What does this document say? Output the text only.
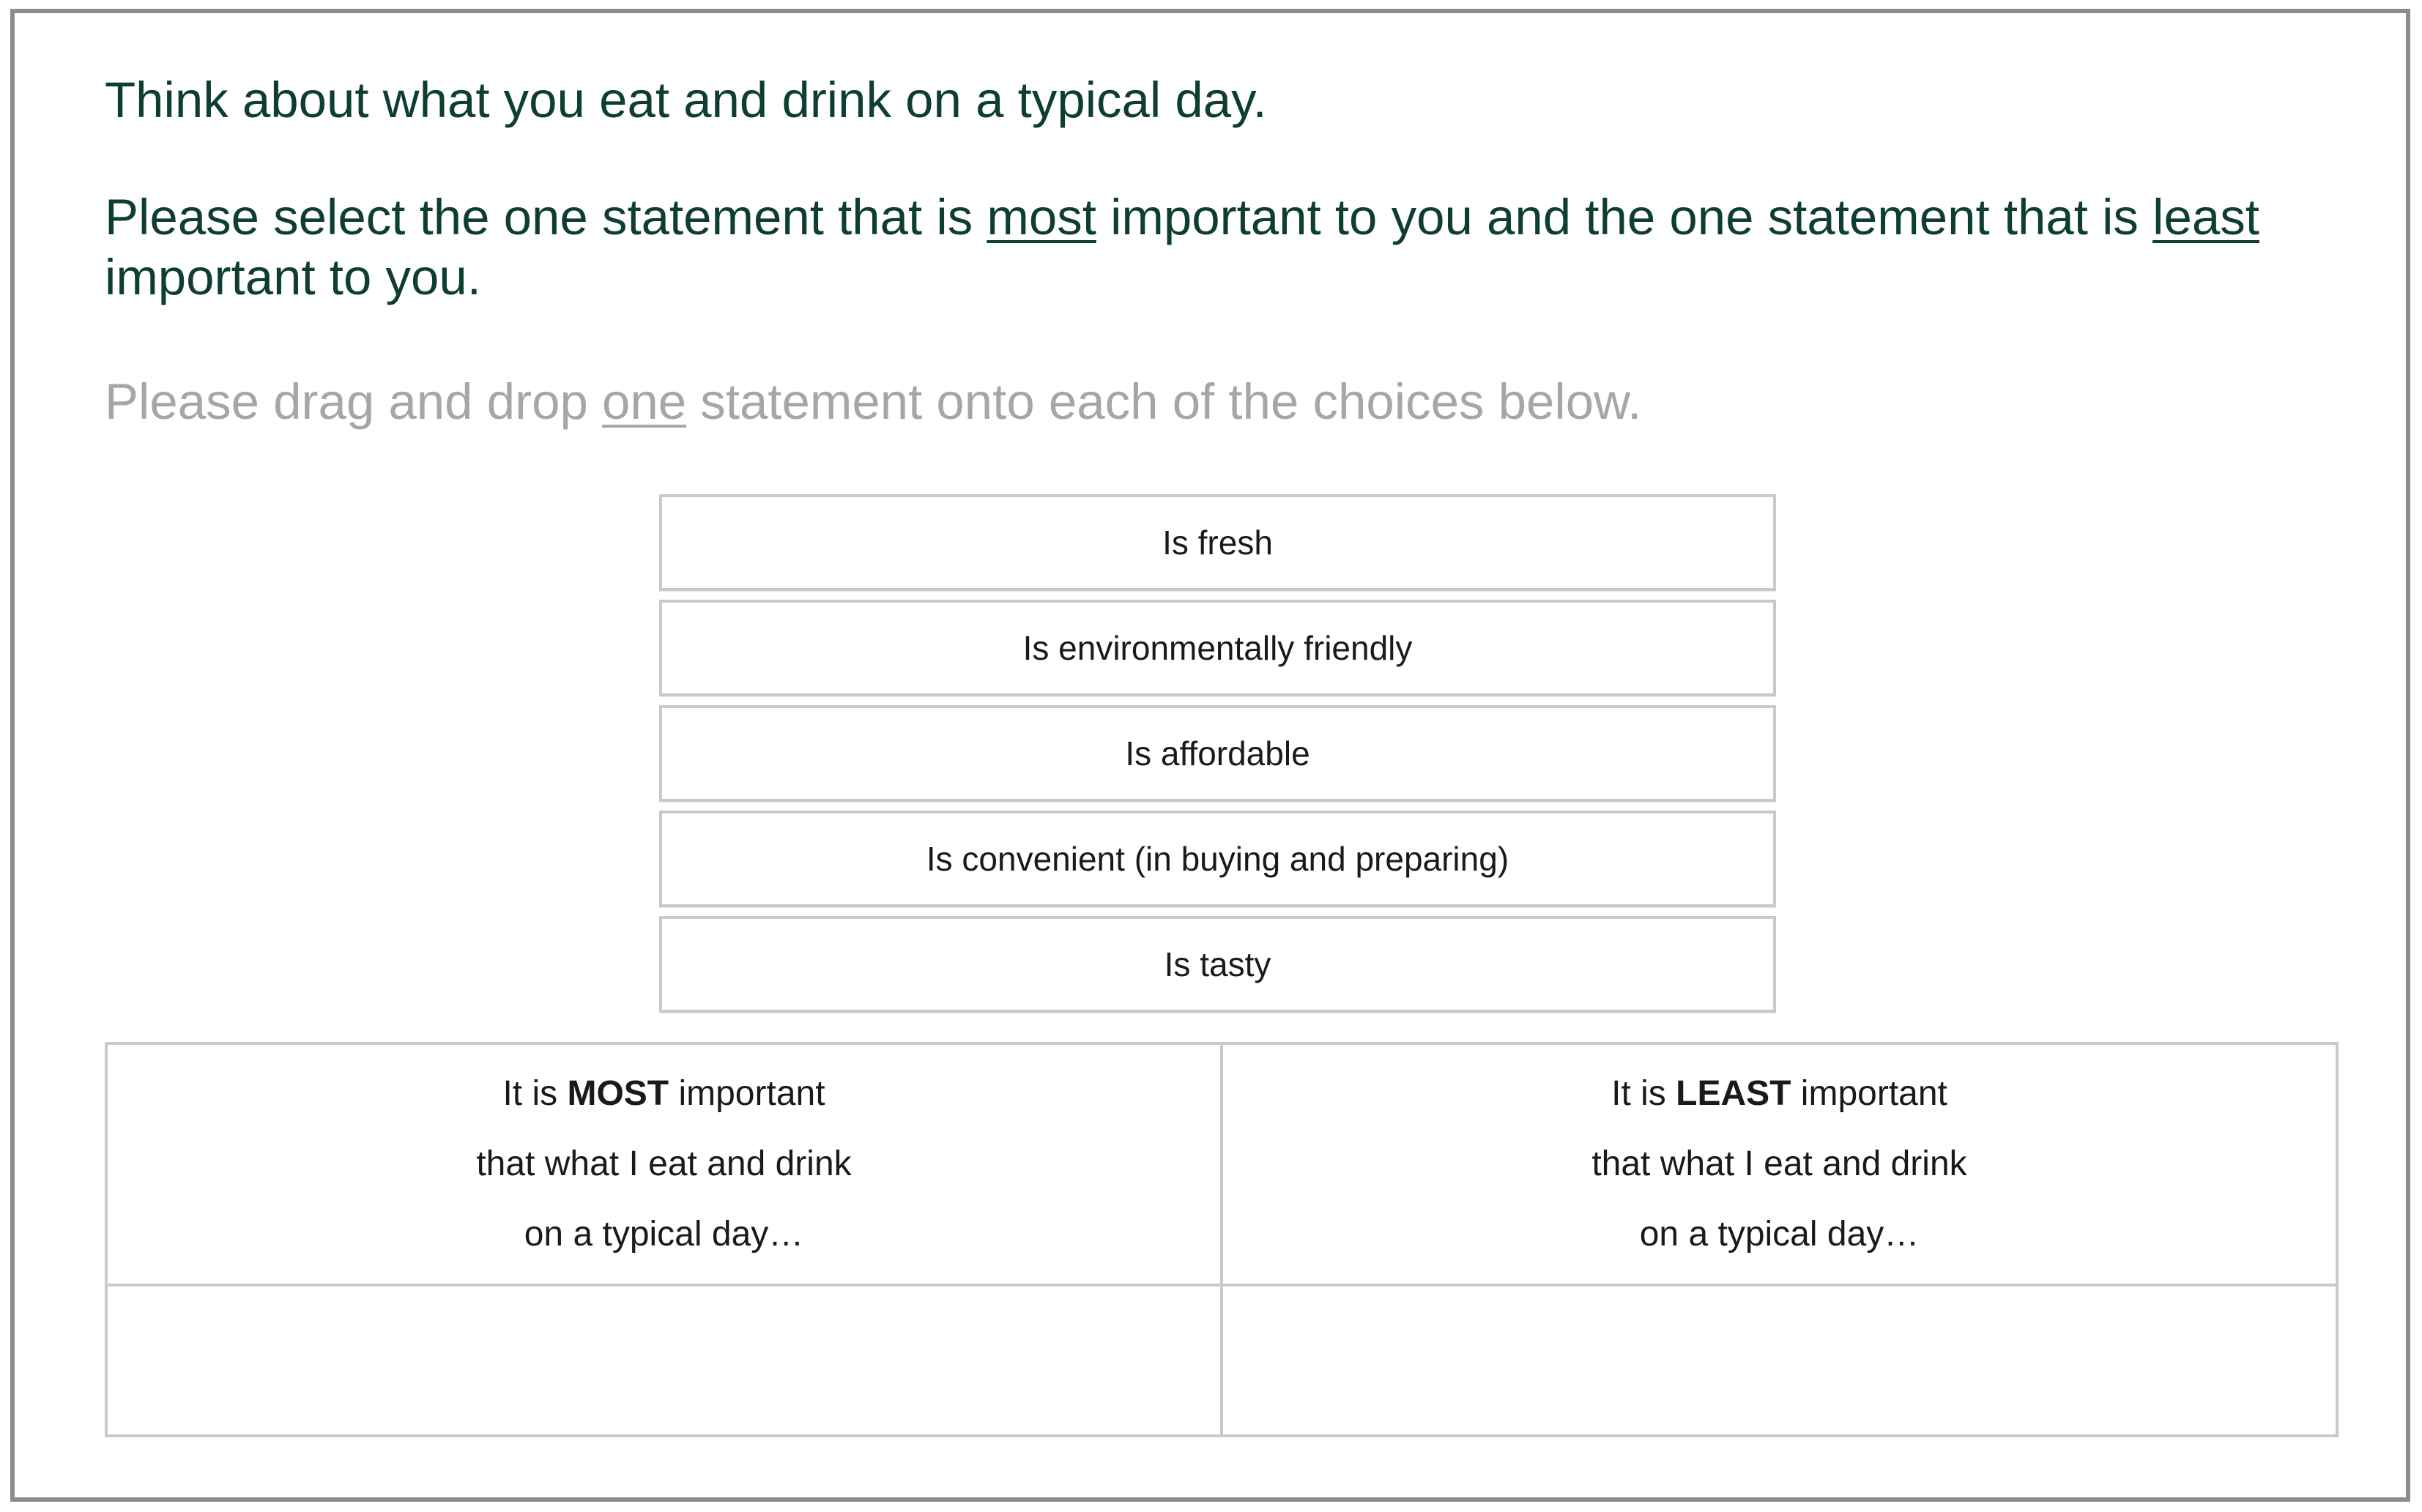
Think about what you eat and drink on a typical day.

Please select the one statement that is most important to you and the one statement that is least important to you.

Please drag and drop one statement onto each of the choices below.

Is fresh
Is environmentally friendly
Is affordable
Is convenient (in buying and preparing)
Is tasty
It is MOST important
that what I eat and drink
on a typical day…
It is LEAST important
that what I eat and drink
on a typical day…
